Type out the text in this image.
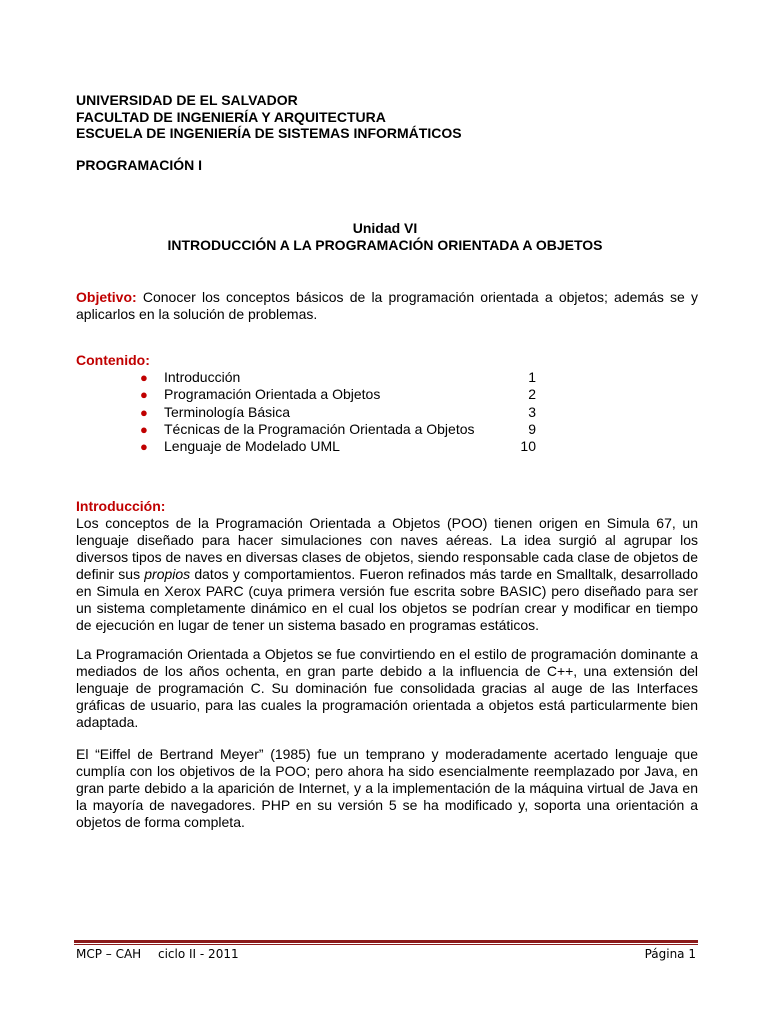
UNIVERSIDAD DE EL SALVADOR
FACULTAD DE INGENIERÍA Y ARQUITECTURA
ESCUELA DE INGENIERÍA DE SISTEMAS INFORMÁTICOS
PROGRAMACIÓN I
Unidad VI
INTRODUCCIÓN A LA PROGRAMACIÓN ORIENTADA A OBJETOS
Objetivo: Conocer los conceptos básicos de la programación orientada a objetos; además se y aplicarlos en la solución de problemas.
Contenido:
● Introducción	1
● Programación Orientada a Objetos	2
● Terminología Básica	3
● Técnicas de la Programación Orientada a Objetos	9
● Lenguaje de Modelado UML	10
Introducción:
Los conceptos de la Programación Orientada a Objetos (POO) tienen origen en Simula 67, un lenguaje diseñado para hacer simulaciones con naves aéreas. La idea surgió al agrupar los diversos tipos de naves en diversas clases de objetos, siendo responsable cada clase de objetos de definir sus propios datos y comportamientos. Fueron refinados más tarde en Smalltalk, desarrollado en Simula en Xerox PARC (cuya primera versión fue escrita sobre BASIC) pero diseñado para ser un sistema completamente dinámico en el cual los objetos se podrían crear y modificar en tiempo de ejecución en lugar de tener un sistema basado en programas estáticos.
La Programación Orientada a Objetos se fue convirtiendo en el estilo de programación dominante a mediados de los años ochenta, en gran parte debido a la influencia de C++, una extensión del lenguaje de programación C. Su dominación fue consolidada gracias al auge de las Interfaces gráficas de usuario, para las cuales la programación orientada a objetos está particularmente bien adaptada.
El “Eiffel de Bertrand Meyer” (1985) fue un temprano y moderadamente acertado lenguaje que cumplía con los objetivos de la POO; pero ahora ha sido esencialmente reemplazado por Java, en gran parte debido a la aparición de Internet, y a la implementación de la máquina virtual de Java en la mayoría de navegadores. PHP en su versión 5 se ha modificado y, soporta una orientación a objetos de forma completa.
MCP – CAH ciclo II - 2011	Página 1
